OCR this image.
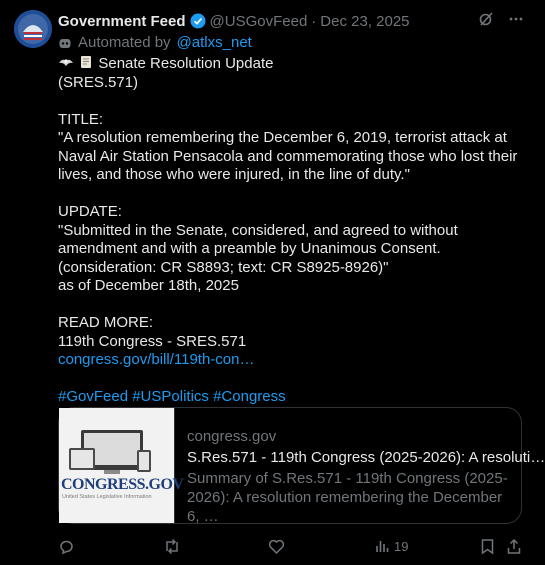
Government Feed @USGovFeed · Dec 23, 2025
Automated by @atlxs_net

Senate Resolution Update

(SRES.571)

TITLE:

"A resolution remembering the December 6, 2019, terrorist attack at Naval Air Station Pensacola and commemorating those who lost their lives, and those who were injured, in the line of duty."

UPDATE:

"Submitted in the Senate, considered, and agreed to without amendment and with a preamble by Unanimous Consent. (consideration: CR S8893; text: CR S8925-8926)"

as of December 18th, 2025

READ MORE:

119th Congress - SRES.571

congress.gov/bill/119th-con…

#GovFeed #USPolitics #Congress

CONGRESS.GOV
United States Legislative Information
congress.gov
S.Res.571 - 119th Congress (2025-2026): A resoluti…
Summary of S.Res.571 - 119th Congress (2025-2026): A resolution remembering the December 6, …
19
